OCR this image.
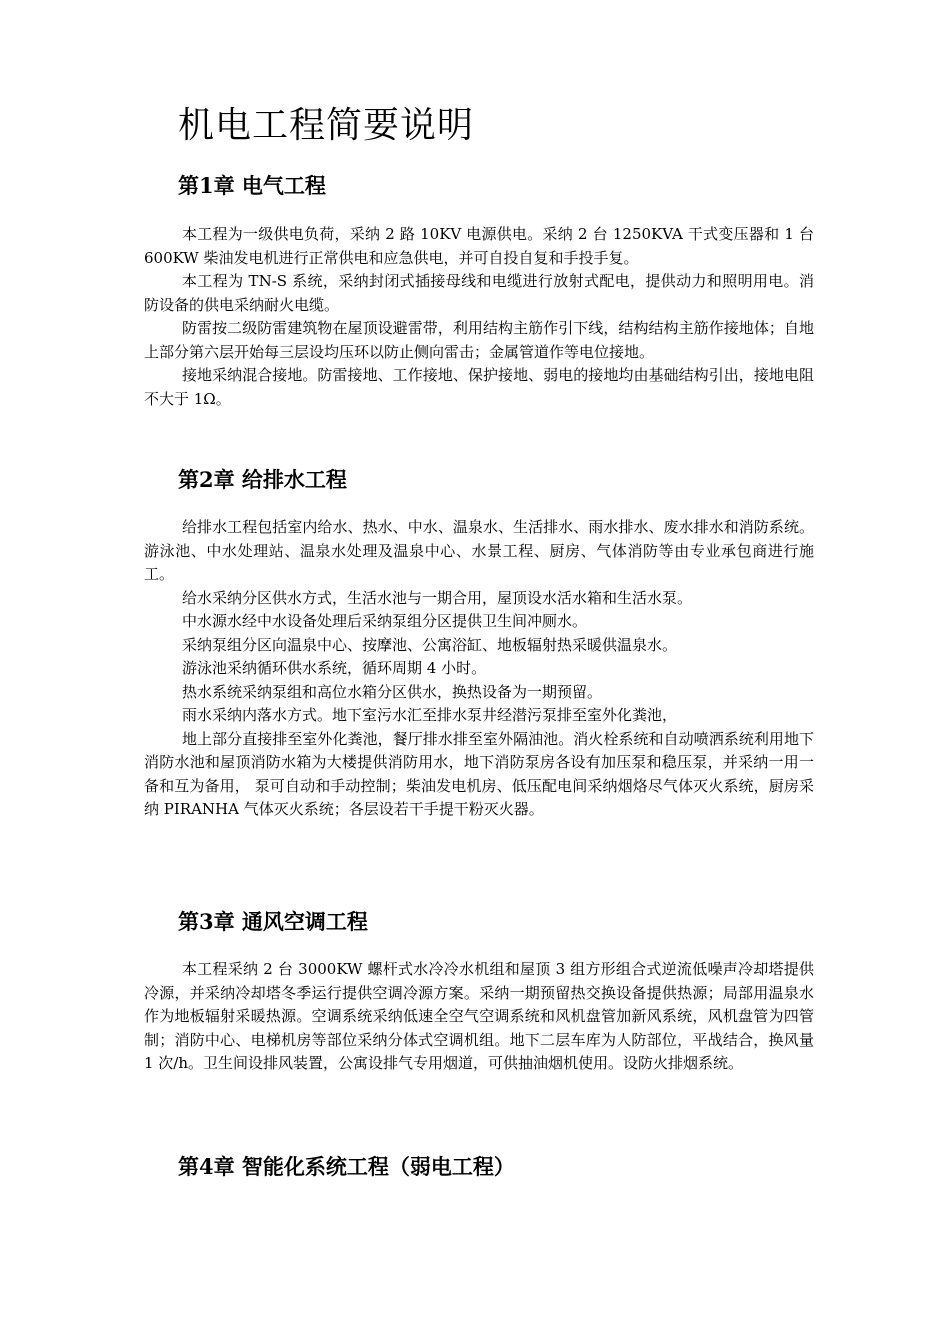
机电工程简要说明
第1章 电气工程

本工程为一级供电负荷，采纳 2 路 10KV 电源供电。采纳 2 台 1250KVA 干式变压器和 1 台 600KW 柴油发电机进行正常供电和应急供电，并可自投自复和手投手复。

本工程为 TN-S 系统，采纳封闭式插接母线和电缆进行放射式配电，提供动力和照明用电。消防设备的供电采纳耐火电缆。

防雷按二级防雷建筑物在屋顶设避雷带，利用结构主筋作引下线，结构结构主筋作接地体；自地上部分第六层开始每三层设均压环以防止侧向雷击；金属管道作等电位接地。

接地采纳混合接地。防雷接地、工作接地、保护接地、弱电的接地均由基础结构引出，接地电阻不大于 1Ω。

第2章 给排水工程

给排水工程包括室内给水、热水、中水、温泉水、生活排水、雨水排水、废水排水和消防系统。游泳池、中水处理站、温泉水处理及温泉中心、水景工程、厨房、气体消防等由专业承包商进行施工。

给水采纳分区供水方式，生活水池与一期合用，屋顶设水活水箱和生活水泵。

中水源水经中水设备处理后采纳泵组分区提供卫生间冲厕水。

采纳泵组分区向温泉中心、按摩池、公寓浴缸、地板辐射热采暖供温泉水。

游泳池采纳循环供水系统，循环周期 4 小时。

热水系统采纳泵组和高位水箱分区供水，换热设备为一期预留。

雨水采纳内落水方式。地下室污水汇至排水泵井经潜污泵排至室外化粪池，

地上部分直接排至室外化粪池，餐厅排水排至室外隔油池。消火栓系统和自动喷洒系统利用地下消防水池和屋顶消防水箱为大楼提供消防用水，地下消防泵房各设有加压泵和稳压泵，并采纳一用一备和互为备用， 泵可自动和手动控制；柴油发电机房、低压配电间采纳烟烙尽气体灭火系统，厨房采纳 PIRANHA 气体灭火系统；各层设若干手提干粉灭火器。

第3章 通风空调工程

本工程采纳 2 台 3000KW 螺杆式水冷冷水机组和屋顶 3 组方形组合式逆流低噪声冷却塔提供冷源，并采纳冷却塔冬季运行提供空调冷源方案。采纳一期预留热交换设备提供热源；局部用温泉水作为地板辐射采暖热源。空调系统采纳低速全空气空调系统和风机盘管加新风系统，风机盘管为四管制；消防中心、电梯机房等部位采纳分体式空调机组。地下二层车库为人防部位，平战结合，换风量 1 次/h。卫生间设排风装置，公寓设排气专用烟道，可供抽油烟机使用。设防火排烟系统。

第4章 智能化系统工程（弱电工程）
